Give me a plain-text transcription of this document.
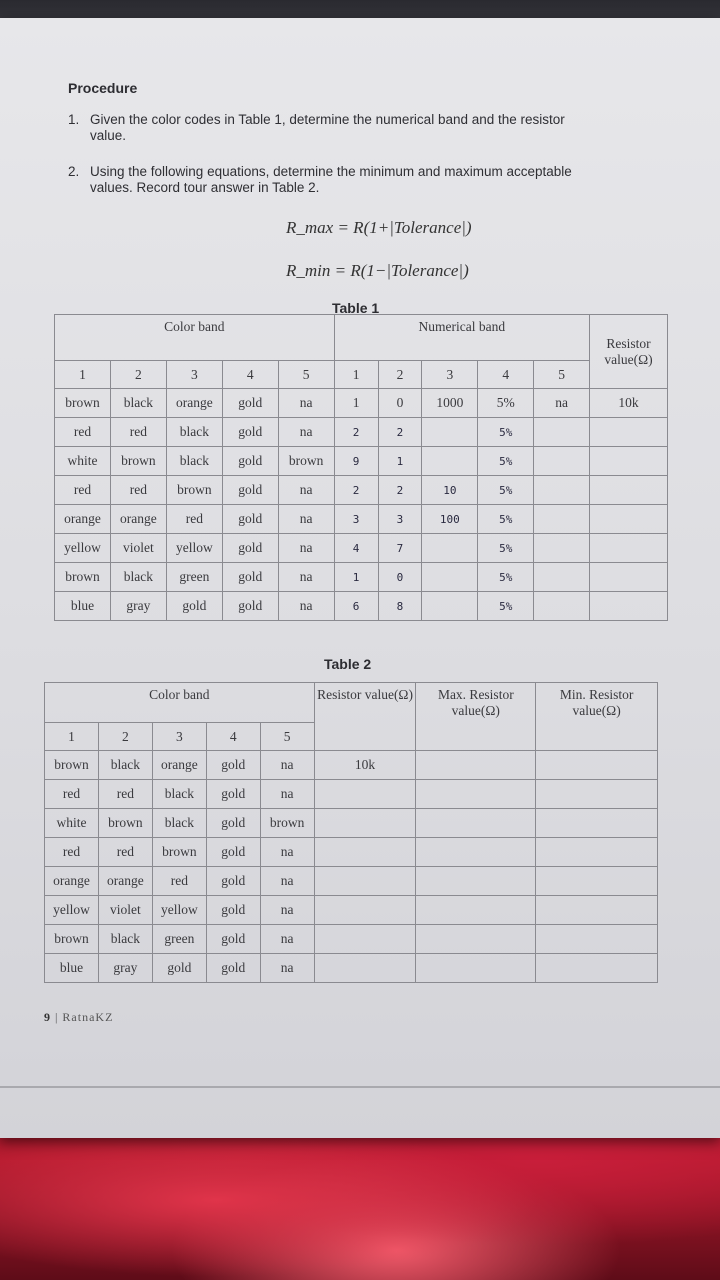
Procedure
1. Given the color codes in Table 1, determine the numerical band and the resistor
value.
2. Using the following equations, determine the minimum and maximum acceptable
values. Record tour answer in Table 2.
R_max = R(1+|Tolerance|)
R_min = R(1−|Tolerance|)
Table 1
Color band					Numerical band					Resistor value(Ω)
1	2	3	4	5	1	2	3	4	5	
brown	black	orange	gold	na	1	0	1000	5%	na	10k
red	red	black	gold	na	2	2		5%		
white	brown	black	gold	brown	9	1		5%		
red	red	brown	gold	na	2	2	10	5%		
orange	orange	red	gold	na	3	3	100	5%		
yellow	violet	yellow	gold	na	4	7		5%		
brown	black	green	gold	na	1	0		5%		
blue	gray	gold	gold	na	6	8		5%		
Table 2
Color band					Resistor value(Ω)	Max. Resistor value(Ω)	Min. Resistor value(Ω)
1	2	3	4	5			
brown	black	orange	gold	na	10k		
red	red	black	gold	na			
white	brown	black	gold	brown			
red	red	brown	gold	na			
orange	orange	red	gold	na			
yellow	violet	yellow	gold	na			
brown	black	green	gold	na			
blue	gray	gold	gold	na			
9 | RatnaKZ
